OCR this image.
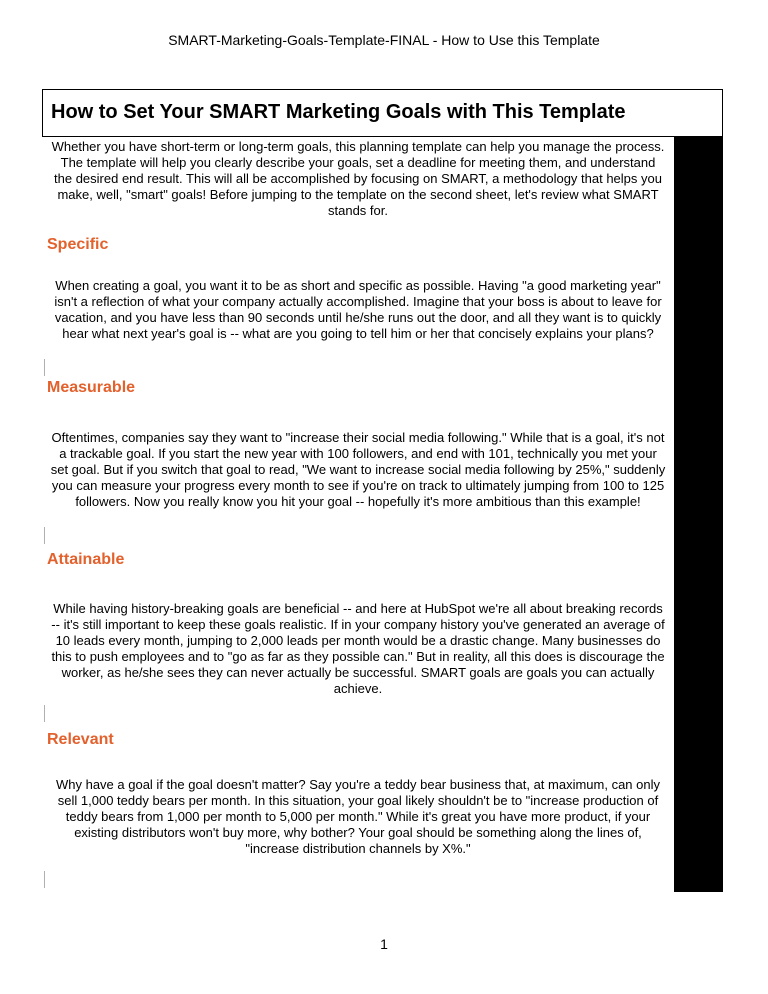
SMART-Marketing-Goals-Template-FINAL - How to Use this Template
How to Set Your SMART Marketing Goals with This Template
Whether you have short-term or long-term goals, this planning template can help you manage the process.
The template will help you clearly describe your goals, set a deadline for meeting them, and understand
the desired end result. This will all be accomplished by focusing on SMART, a methodology that helps you
make, well, "smart" goals! Before jumping to the template on the second sheet, let's review what SMART
stands for.
Specific
When creating a goal, you want it to be as short and specific as possible. Having "a good marketing year"
isn't a reflection of what your company actually accomplished. Imagine that your boss is about to leave for
vacation, and you have less than 90 seconds until he/she runs out the door, and all they want is to quickly
hear what next year's goal is -- what are you going to tell him or her that concisely explains your plans?
Measurable
Oftentimes, companies say they want to "increase their social media following." While that is a goal, it's not
a trackable goal. If you start the new year with 100 followers, and end with 101, technically you met your
set goal. But if you switch that goal to read, "We want to increase social media following by 25%," suddenly
you can measure your progress every month to see if you're on track to ultimately jumping from 100 to 125
followers. Now you really know you hit your goal -- hopefully it's more ambitious than this example!
Attainable
While having history-breaking goals are beneficial -- and here at HubSpot we're all about breaking records
-- it's still important to keep these goals realistic. If in your company history you've generated an average of
10 leads every month, jumping to 2,000 leads per month would be a drastic change. Many businesses do
this to push employees and to "go as far as they possible can." But in reality, all this does is discourage the
worker, as he/she sees they can never actually be successful. SMART goals are goals you can actually
achieve.
Relevant
Why have a goal if the goal doesn't matter? Say you're a teddy bear business that, at maximum, can only
sell 1,000 teddy bears per month. In this situation, your goal likely shouldn't be to "increase production of
teddy bears from 1,000 per month to 5,000 per month." While it's great you have more product, if your
existing distributors won't buy more, why bother? Your goal should be something along the lines of,
"increase distribution channels by X%."
1
